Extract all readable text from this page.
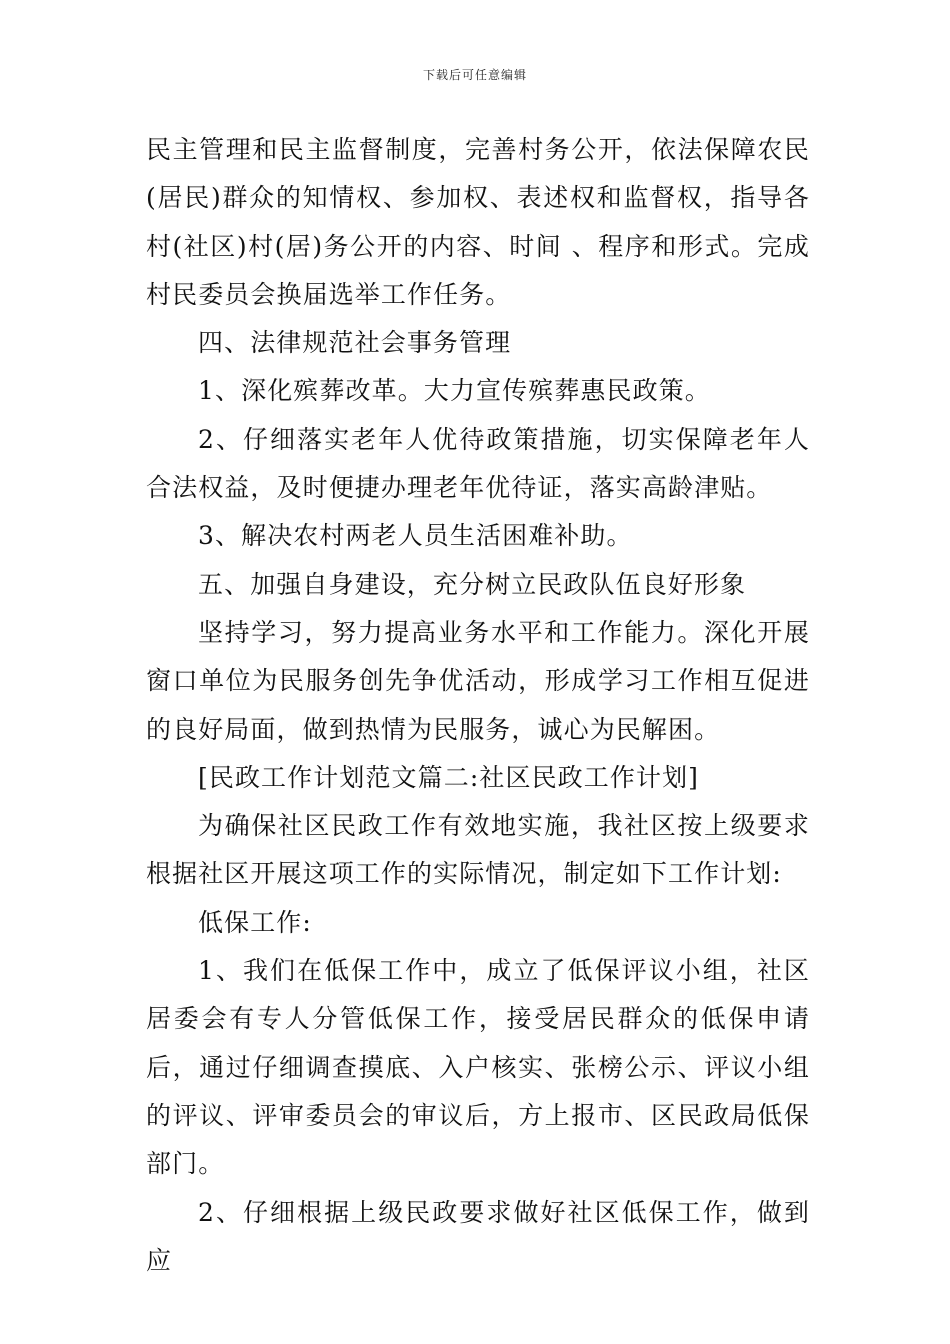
下载后可任意编辑

民主管理和民主监督制度，完善村务公开，依法保障农民(居民)群众的知情权、参加权、表述权和监督权，指导各村(社区)村(居)务公开的内容、时间 、程序和形式。完成村民委员会换届选举工作任务。

四、法律规范社会事务管理

1、深化殡葬改革。大力宣传殡葬惠民政策。

2、仔细落实老年人优待政策措施，切实保障老年人合法权益，及时便捷办理老年优待证，落实高龄津贴。

3、解决农村两老人员生活困难补助。

五、加强自身建设，充分树立民政队伍良好形象

坚持学习，努力提高业务水平和工作能力。深化开展窗口单位为民服务创先争优活动，形成学习工作相互促进的良好局面，做到热情为民服务，诚心为民解困。

[民政工作计划范文篇二:社区民政工作计划]

为确保社区民政工作有效地实施，我社区按上级要求根据社区开展这项工作的实际情况，制定如下工作计划:

低保工作:

1、我们在低保工作中，成立了低保评议小组，社区居委会有专人分管低保工作，接受居民群众的低保申请后，通过仔细调查摸底、入户核实、张榜公示、评议小组的评议、评审委员会的审议后，方上报市、区民政局低保部门。

2、仔细根据上级民政要求做好社区低保工作，做到应
